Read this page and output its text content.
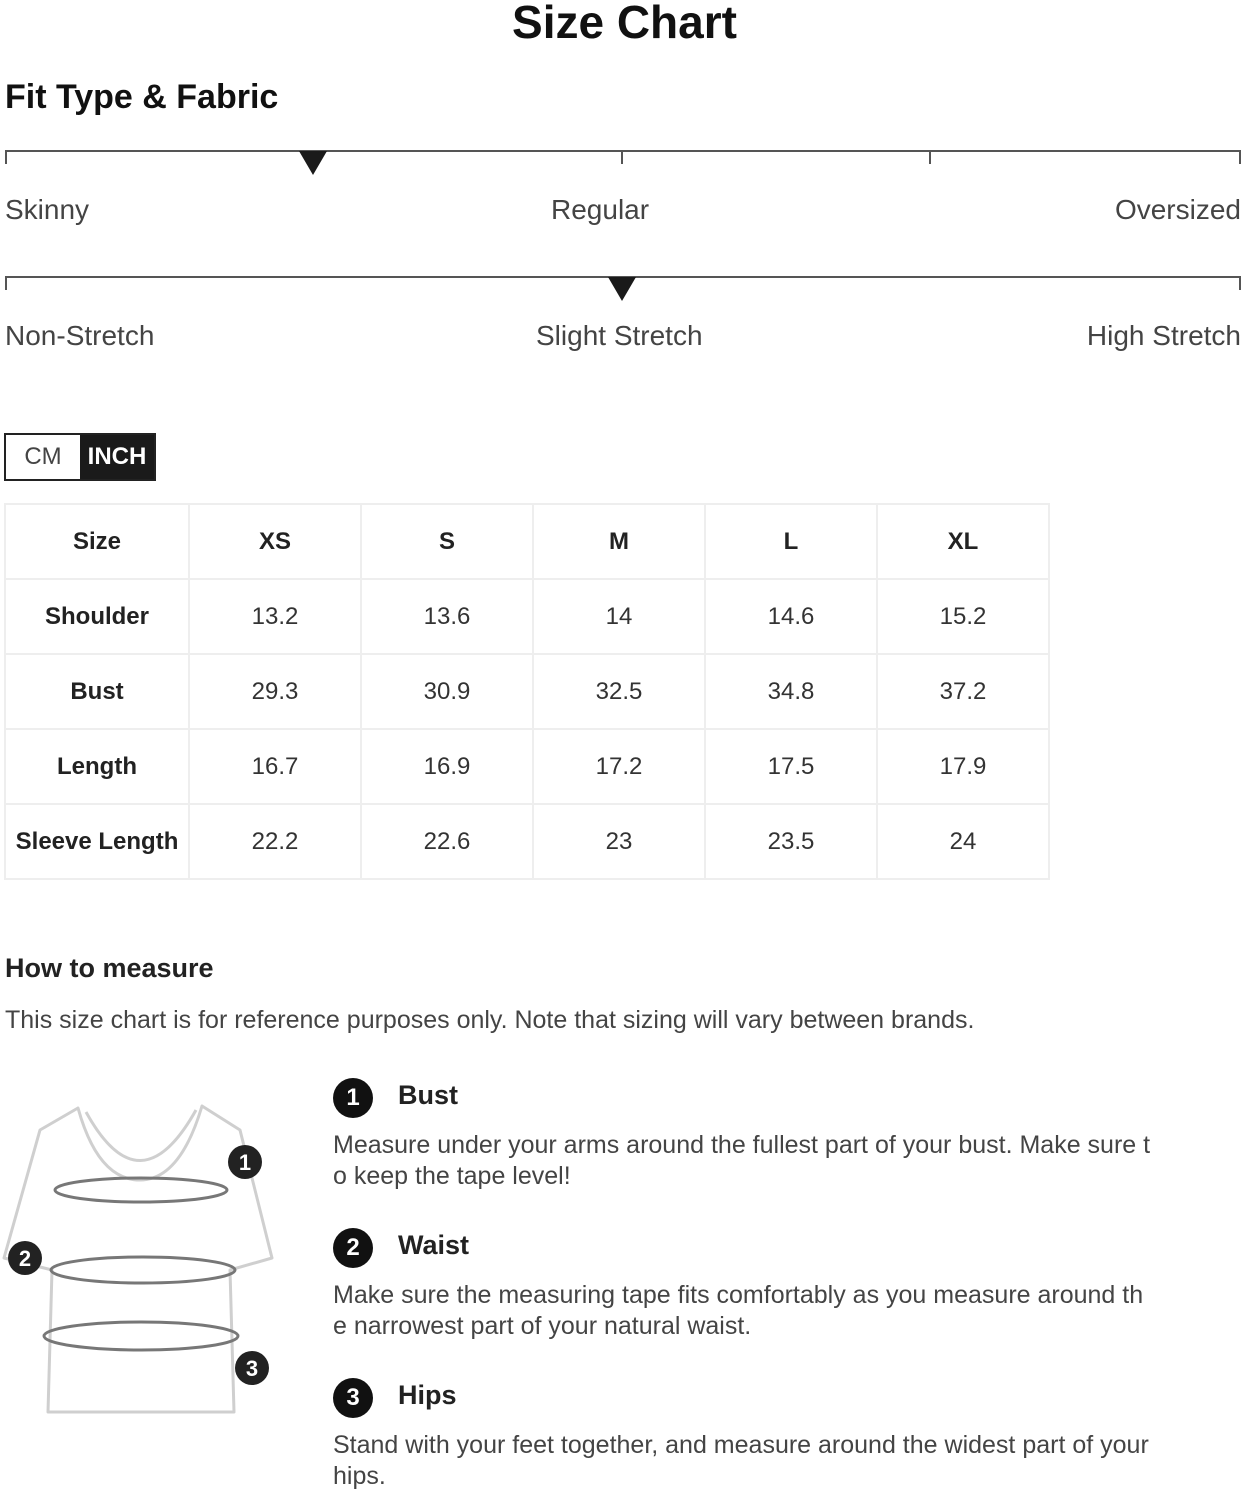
Size Chart
Fit Type & Fabric
Skinny	Regular	Oversized
Non-Stretch	Slight Stretch	High Stretch
CM	INCH
Size	XS	S	M	L	XL
Shoulder	13.2	13.6	14	14.6	15.2
Bust	29.3	30.9	32.5	34.8	37.2
Length	16.7	16.9	17.2	17.5	17.9
Sleeve Length	22.2	22.6	23	23.5	24
How to measure
This size chart is for reference purposes only. Note that sizing will vary between brands.
1
2
3
1	Bust
Measure under your arms around the fullest part of your bust. Make sure to keep the tape level!
2	Waist
Make sure the measuring tape fits comfortably as you measure around the narrowest part of your natural waist.
3	Hips
Stand with your feet together, and measure around the widest part of your hips.
